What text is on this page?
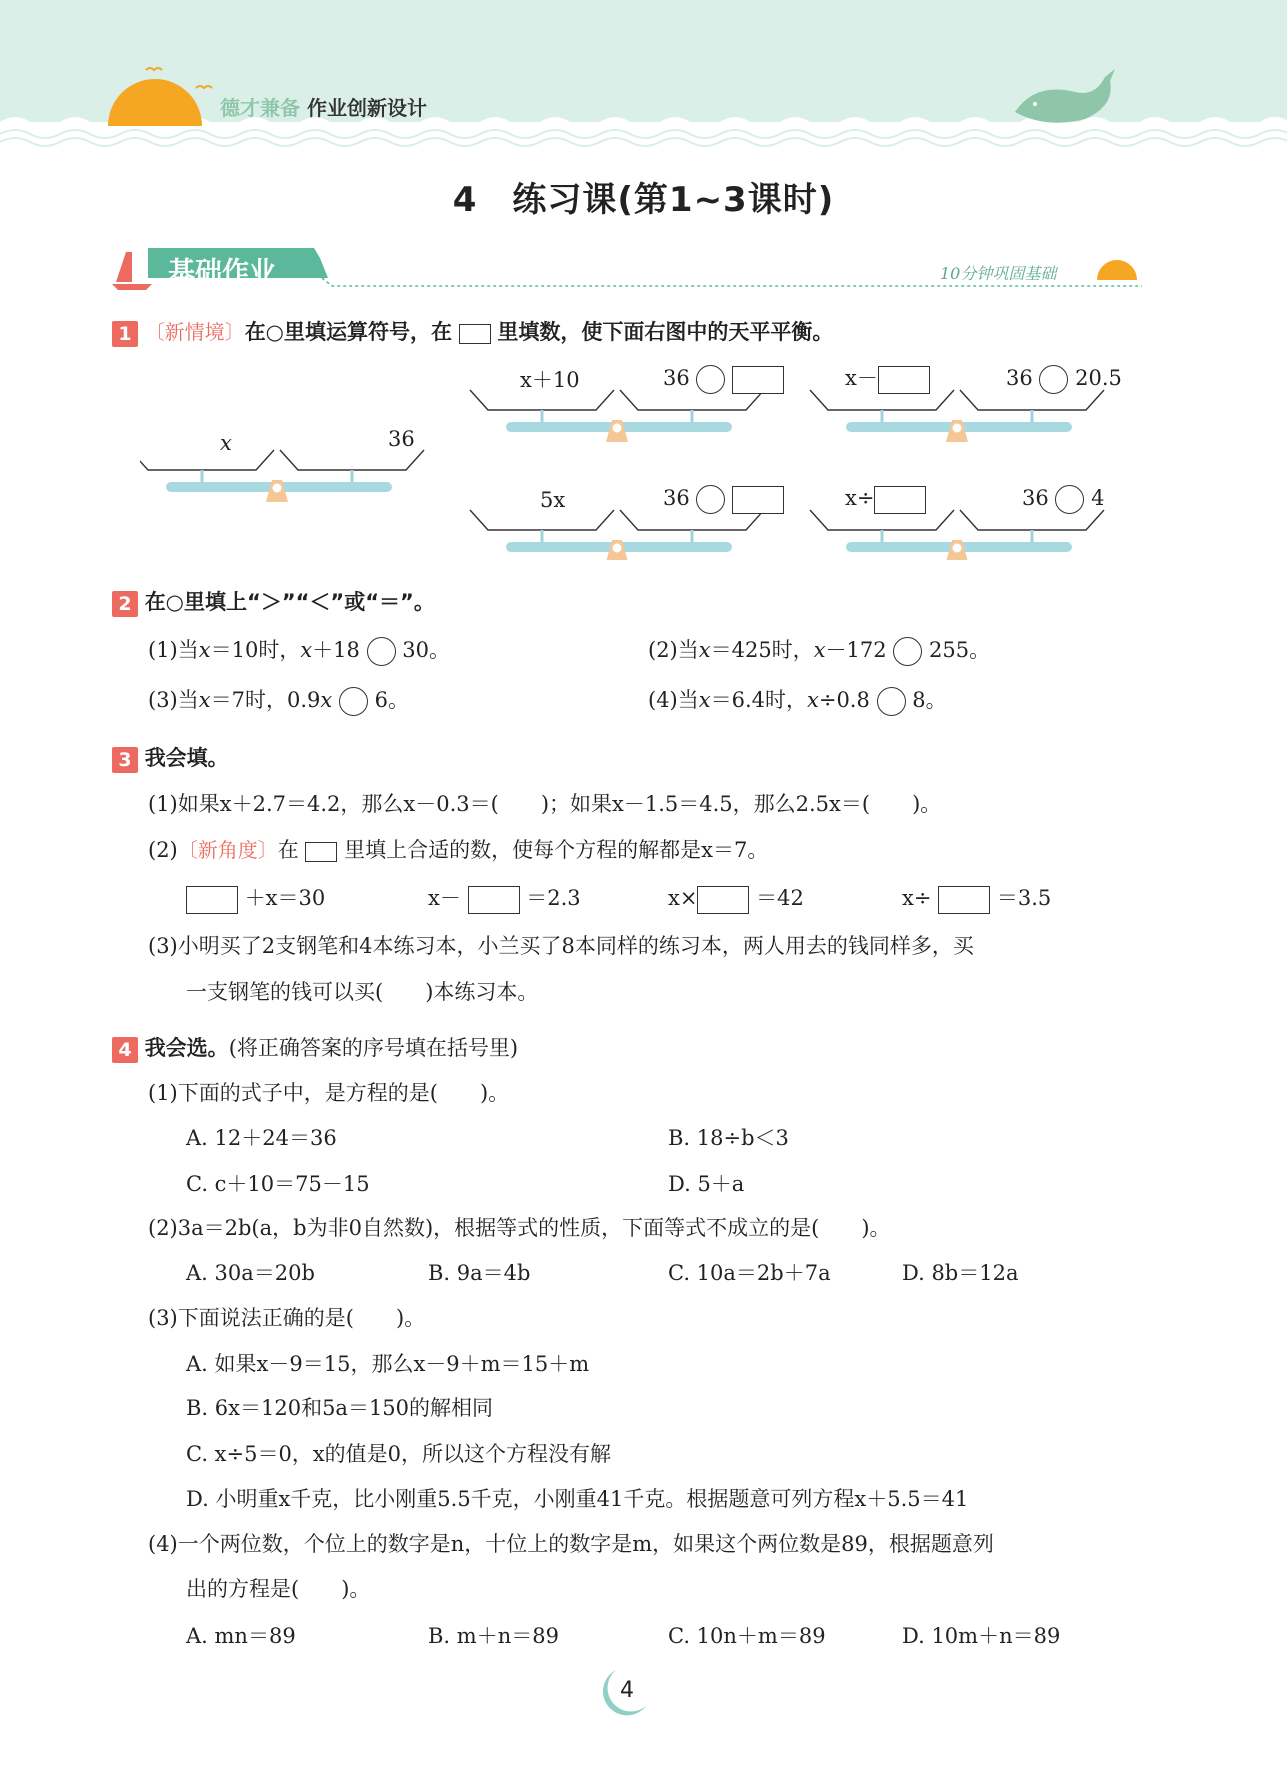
德才兼备 作业创新设计
4　练习课(第1~3课时)
基础作业	10分钟巩固基础
1 〔新情境〕在○里填运算符号，在 里填数，使下面右图中的天平平衡。
x	36
x＋10	36	x－	36 20.5
5x	36	x÷	36 4
2 在○里填上“＞”“＜”或“＝”。
(1)当x＝10时，x＋18 30。	(2)当x＝425时，x－172 255。
(3)当x＝7时，0.9x 6。	(4)当x＝6.4时，x÷0.8 8。
3 我会填。
(1)如果x＋2.7＝4.2，那么x－0.3＝(　　)；如果x－1.5＝4.5，那么2.5x＝(　　)。
(2)〔新角度〕在 里填上合适的数，使每个方程的解都是x＝7。
＋x＝30	x－	＝2.3	x×	＝42	x÷	＝3.5
(3)小明买了2支钢笔和4本练习本，小兰买了8本同样的练习本，两人用去的钱同样多，买
一支钢笔的钱可以买(　　)本练习本。
4 我会选。(将正确答案的序号填在括号里)
(1)下面的式子中，是方程的是(　　)。
A. 12＋24＝36	B. 18÷b＜3
C. c＋10＝75－15	D. 5＋a
(2)3a＝2b(a，b为非0自然数)，根据等式的性质，下面等式不成立的是(　　)。
A. 30a＝20b	B. 9a＝4b	C. 10a＝2b＋7a	D. 8b＝12a
(3)下面说法正确的是(　　)。
A. 如果x－9＝15，那么x－9＋m＝15＋m
B. 6x＝120和5a＝150的解相同
C. x÷5＝0，x的值是0，所以这个方程没有解
D. 小明重x千克，比小刚重5.5千克，小刚重41千克。根据题意可列方程x＋5.5＝41
(4)一个两位数，个位上的数字是n，十位上的数字是m，如果这个两位数是89，根据题意列
出的方程是(　　)。
A. mn＝89	B. m＋n＝89	C. 10n＋m＝89	D. 10m＋n＝89
4
